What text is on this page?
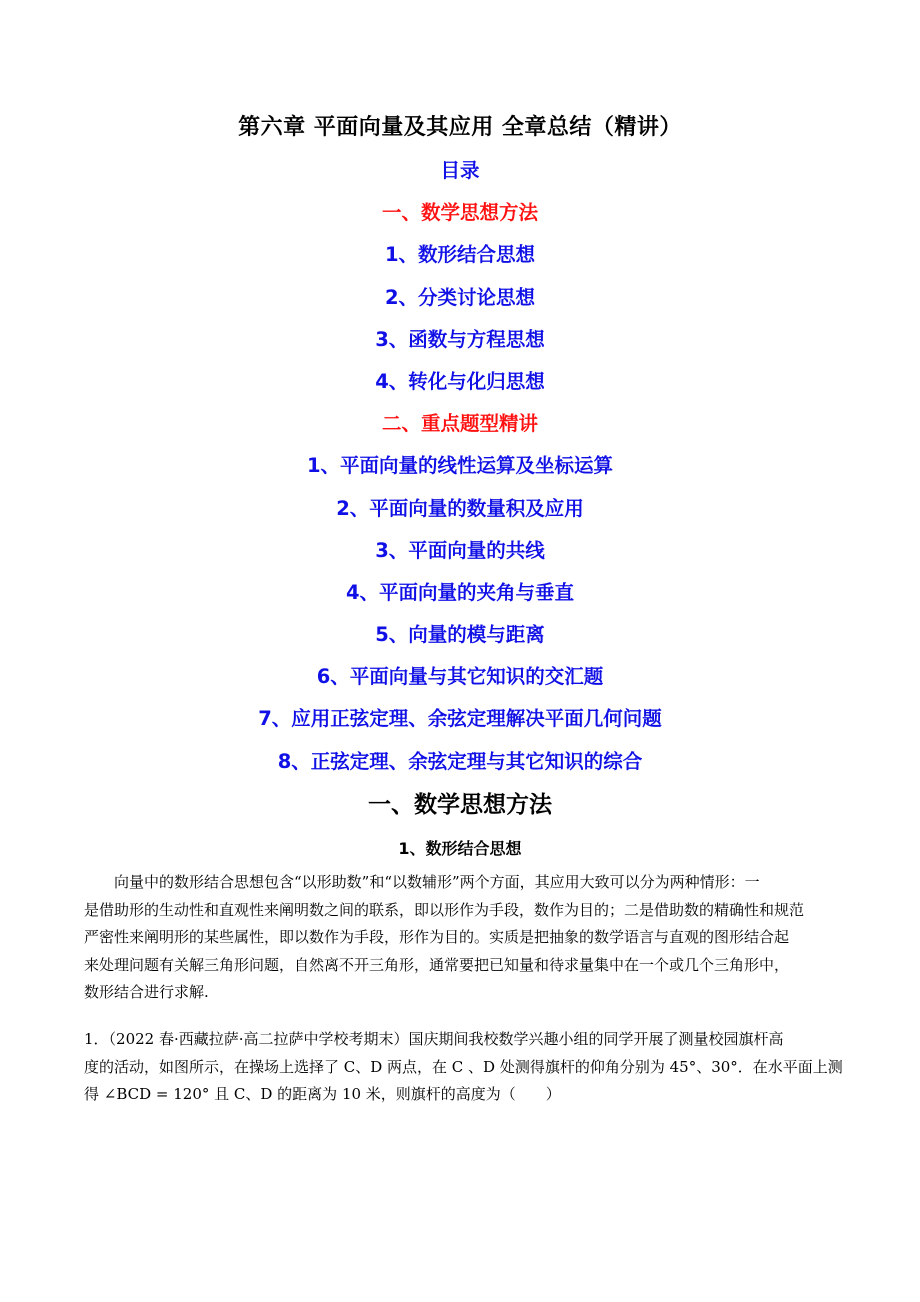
第六章 平面向量及其应用 全章总结（精讲）
目录
一、数学思想方法
1、数形结合思想
2、分类讨论思想
3、函数与方程思想
4、转化与化归思想
二、重点题型精讲
1、平面向量的线性运算及坐标运算
2、平面向量的数量积及应用
3、平面向量的共线
4、平面向量的夹角与垂直
5、向量的模与距离
6、平面向量与其它知识的交汇题
7、应用正弦定理、余弦定理解决平面几何问题
8、正弦定理、余弦定理与其它知识的综合
一、数学思想方法
1、数形结合思想
向量中的数形结合思想包含“以形助数”和“以数辅形”两个方面，其应用大致可以分为两种情形：一
是借助形的生动性和直观性来阐明数之间的联系，即以形作为手段，数作为目的；二是借助数的精确性和规范
严密性来阐明形的某些属性，即以数作为手段，形作为目的。实质是把抽象的数学语言与直观的图形结合起
来处理问题有关解三角形问题，自然离不开三角形，通常要把已知量和待求量集中在一个或几个三角形中，
数形结合进行求解.
1．（2022 春·西藏拉萨·高二拉萨中学校考期末）国庆期间我校数学兴趣小组的同学开展了测量校园旗杆高
度的活动，如图所示，在操场上选择了 C、D 两点，在 C 、D 处测得旗杆的仰角分别为 45°、30°．在水平面上测
得 ∠BCD = 120° 且 C、D 的距离为 10 米，则旗杆的高度为（　　）
